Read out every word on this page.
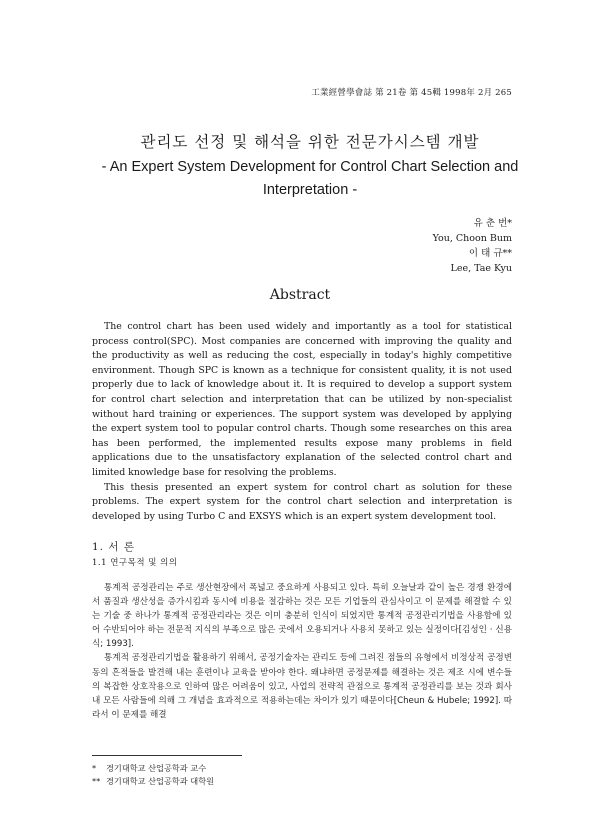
工業經營學會誌 第 21卷 第 45輯 1998年 2月 265
관리도 선정 및 해석을 위한 전문가시스템 개발
- An Expert System Development for Control Chart Selection and
Interpretation -
유 춘 번*
You, Choon Bum
이 태 규**
Lee, Tae Kyu
Abstract

The control chart has been used widely and importantly as a tool for statistical process control(SPC). Most companies are concerned with improving the quality and the productivity as well as reducing the cost, especially in today's highly competitive environment. Though SPC is known as a technique for consistent quality, it is not used properly due to lack of knowledge about it. It is required to develop a support system for control chart selection and interpretation that can be utilized by non-specialist without hard training or experiences. The support system was developed by applying the expert system tool to popular control charts. Though some researches on this area has been performed, the implemented results expose many problems in field applications due to the unsatisfactory explanation of the selected control chart and limited knowledge base for resolving the problems.

This thesis presented an expert system for control chart as solution for these problems. The expert system for the control chart selection and interpretation is developed by using Turbo C and EXSYS which is an expert system development tool.

1. 서 론
1.1 연구목적 및 의의

통계적 공정관리는 주로 생산현장에서 폭넓고 중요하게 사용되고 있다. 특히 오늘날과 같이 높은 경쟁 환경에서 품질과 생산성을 증가시킴과 동시에 비용을 절감하는 것은 모든 기업들의 관심사이고 이 문제를 해결할 수 있는 기술 중 하나가 통계적 공정관리라는 것은 이미 충분히 인식이 되었지만 통계적 공정관리기법을 사용함에 있어 수반되어야 하는 전문적 지식의 부족으로 많은 곳에서 오용되거나 사용치 못하고 있는 실정이다[김성인 · 신용식; 1993].

통계적 공정관리기법을 활용하기 위해서, 공정기술자는 관리도 등에 그려진 점들의 유형에서 비정상적 공정변동의 흔적들을 발견해 내는 훈련이나 교육을 받아야 한다. 왜냐하면 공정문제를 해결하는 것은 제조 시에 변수들의 복잡한 상호작용으로 인하여 많은 어려움이 있고, 사업의 전략적 관점으로 통계적 공정관리를 보는 것과 회사 내 모든 사람들에 의해 그 개념을 효과적으로 적용하는데는 차이가 있기 때문이다[Cheun & Hubele; 1992]. 따라서 이 문제를 해결

* 경기대학교 산업공학과 교수
** 경기대학교 산업공학과 대학원
